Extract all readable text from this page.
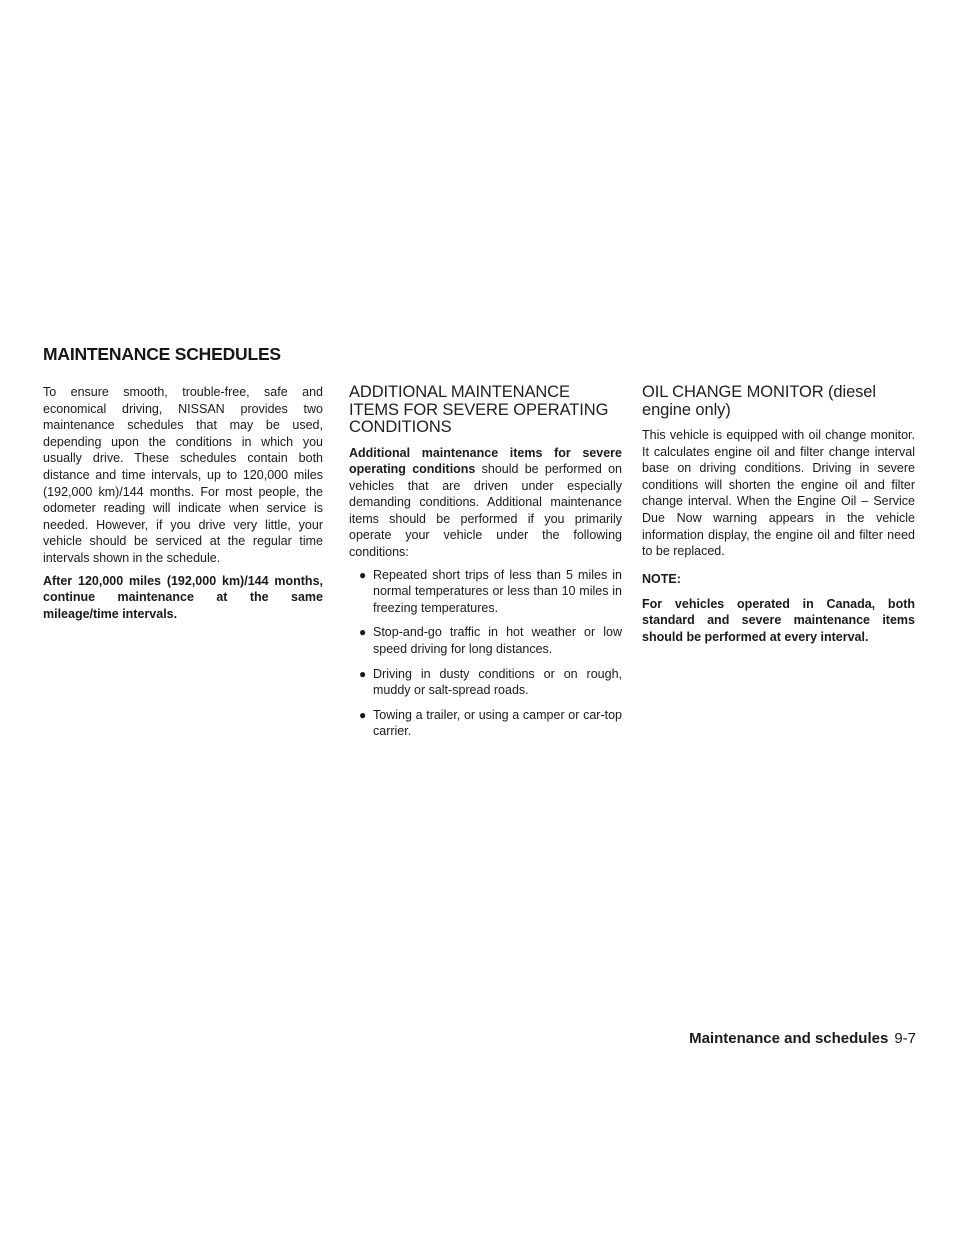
MAINTENANCE SCHEDULES

To ensure smooth, trouble-free, safe and economical driving, NISSAN provides two maintenance schedules that may be used, depending upon the conditions in which you usually drive. These schedules contain both distance and time intervals, up to 120,000 miles (192,000 km)/144 months. For most people, the odometer reading will indicate when service is needed. However, if you drive very little, your vehicle should be serviced at the regular time intervals shown in the schedule.

After 120,000 miles (192,000 km)/144 months, continue maintenance at the same mileage/time intervals.

ADDITIONAL MAINTENANCE ITEMS FOR SEVERE OPERATING CONDITIONS

Additional maintenance items for severe operating conditions should be performed on vehicles that are driven under especially demanding conditions. Additional maintenance items should be performed if you primarily operate your vehicle under the following conditions:

● Repeated short trips of less than 5 miles in normal temperatures or less than 10 miles in freezing temperatures.
● Stop-and-go traffic in hot weather or low speed driving for long distances.
● Driving in dusty conditions or on rough, muddy or salt-spread roads.
● Towing a trailer, or using a camper or car-top carrier.
OIL CHANGE MONITOR (diesel engine only)

This vehicle is equipped with oil change monitor. It calculates engine oil and filter change interval base on driving conditions. Driving in severe conditions will shorten the engine oil and filter change interval. When the Engine Oil – Service Due Now warning appears in the vehicle information display, the engine oil and filter need to be replaced.

NOTE:

For vehicles operated in Canada, both standard and severe maintenance items should be performed at every interval.

Maintenance and schedules 9-7
